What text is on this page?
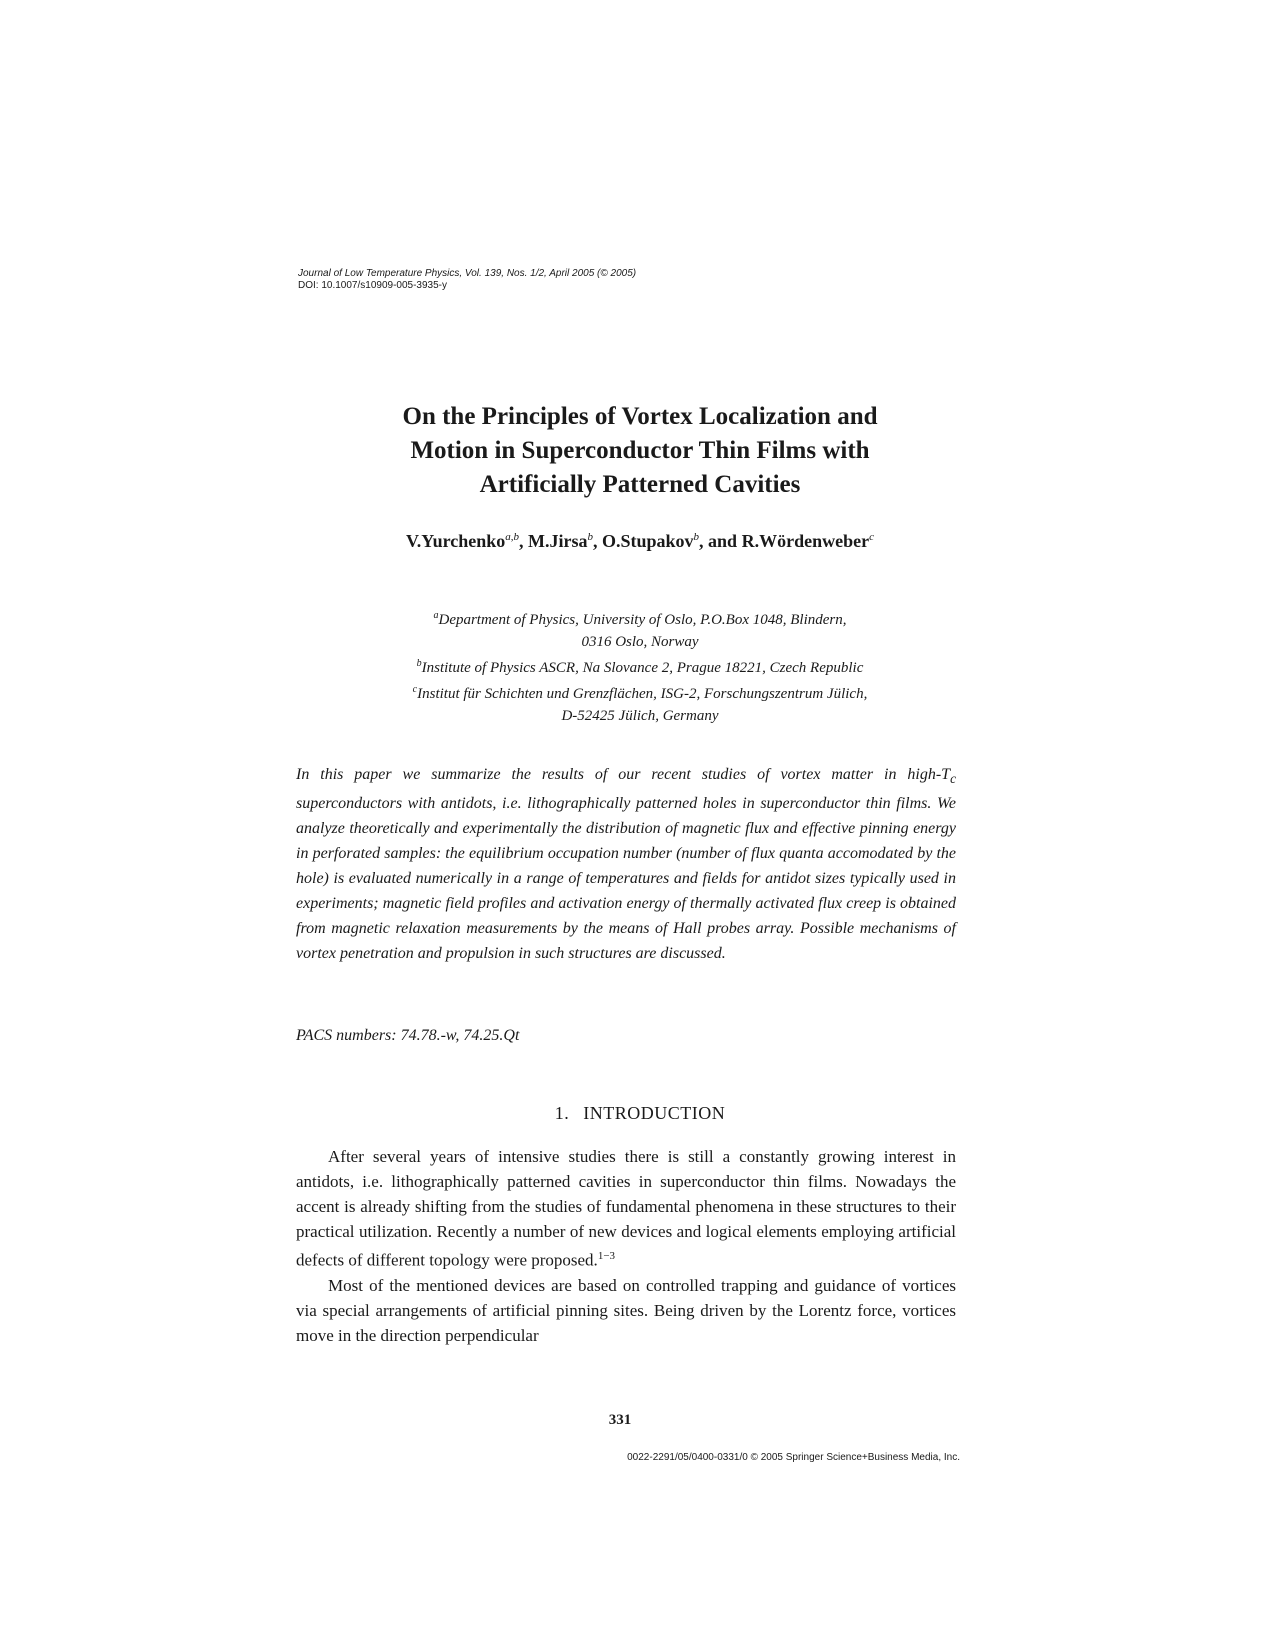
Journal of Low Temperature Physics, Vol. 139, Nos. 1/2, April 2005 (© 2005)
DOI: 10.1007/s10909-005-3935-y
On the Principles of Vortex Localization and
Motion in Superconductor Thin Films with
Artificially Patterned Cavities
V.Yurchenko$^{a,b}$, M.Jirsa$^b$, O.Stupakov$^b$, and R.Wördenweber$^c$
$^a$Department of Physics, University of Oslo, P.O.Box 1048, Blindern,
0316 Oslo, Norway
$^b$Institute of Physics ASCR, Na Slovance 2, Prague 18221, Czech Republic
$^c$Institut für Schichten und Grenzflächen, ISG-2, Forschungszentrum Jülich,
D-52425 Jülich, Germany
In this paper we summarize the results of our recent studies of vortex matter in high-$T_c$ superconductors with antidots, i.e. lithographically patterned holes in superconductor thin films. We analyze theoretically and experimentally the distribution of magnetic flux and effective pinning energy in perforated samples: the equilibrium occupation number (number of flux quanta accomodated by the hole) is evaluated numerically in a range of temperatures and fields for antidot sizes typically used in experiments; magnetic field profiles and activation energy of thermally activated flux creep is obtained from magnetic relaxation measurements by the means of Hall probes array. Possible mechanisms of vortex penetration and propulsion in such structures are discussed.
PACS numbers: 74.78.-w, 74.25.Qt
1. INTRODUCTION

After several years of intensive studies there is still a constantly growing interest in antidots, i.e. lithographically patterned cavities in superconductor thin films. Nowadays the accent is already shifting from the studies of fundamental phenomena in these structures to their practical utilization. Recently a number of new devices and logical elements employing artificial defects of different topology were proposed.$^{1-3}$

Most of the mentioned devices are based on controlled trapping and guidance of vortices via special arrangements of artificial pinning sites. Being driven by the Lorentz force, vortices move in the direction perpendicular

331
0022-2291/05/0400-0331/0 © 2005 Springer Science+Business Media, Inc.
